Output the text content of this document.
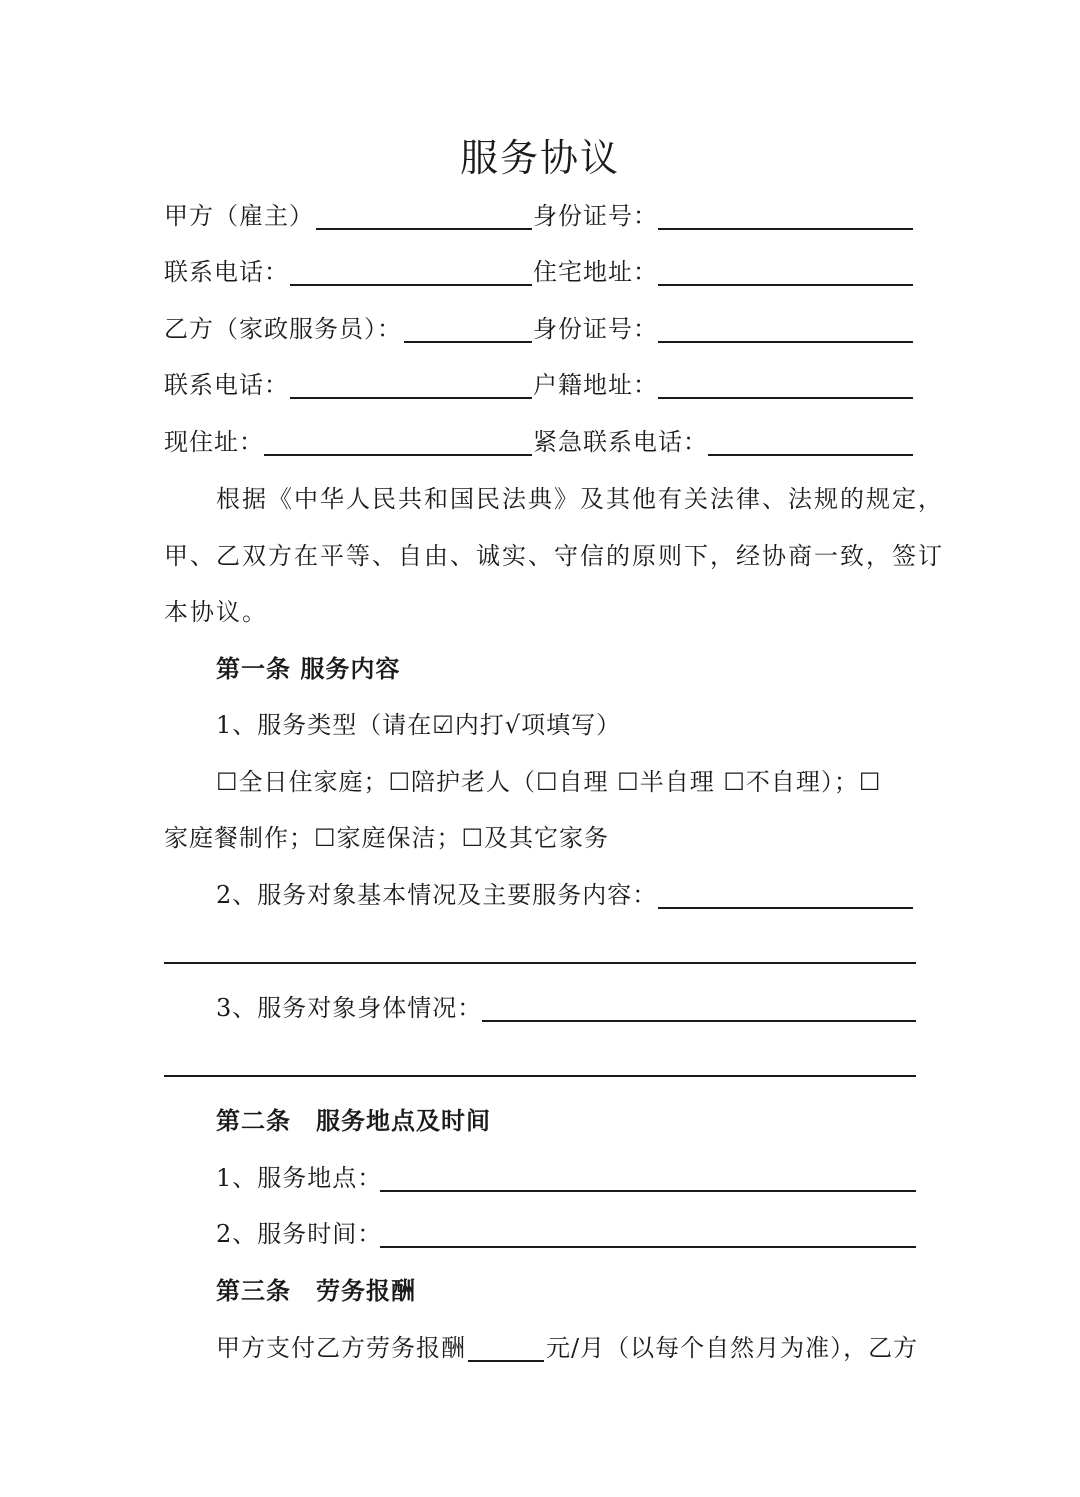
服务协议
甲方（雇主）	身份证号：
联系电话：	住宅地址：
乙方（家政服务员）：	身份证号：
联系电话：	户籍地址：
现住址：	紧急联系电话：
根据《中华人民共和国民法典》及其他有关法律、法规的规定，
甲、乙双方在平等、自由、诚实、守信的原则下，经协商一致，签订
本协议。
第一条 服务内容
1、服务类型（请在☑内打√项填写）
☐全日住家庭；☐陪护老人（☐自理 ☐半自理 ☐不自理）；☐
家庭餐制作；☐家庭保洁；☐及其它家务
2、服务对象基本情况及主要服务内容：
3、服务对象身体情况：
第二条　服务地点及时间
1、服务地点：
2、服务时间：
第三条　劳务报酬
甲方支付乙方劳务报酬	元/月（以每个自然月为准），乙方
